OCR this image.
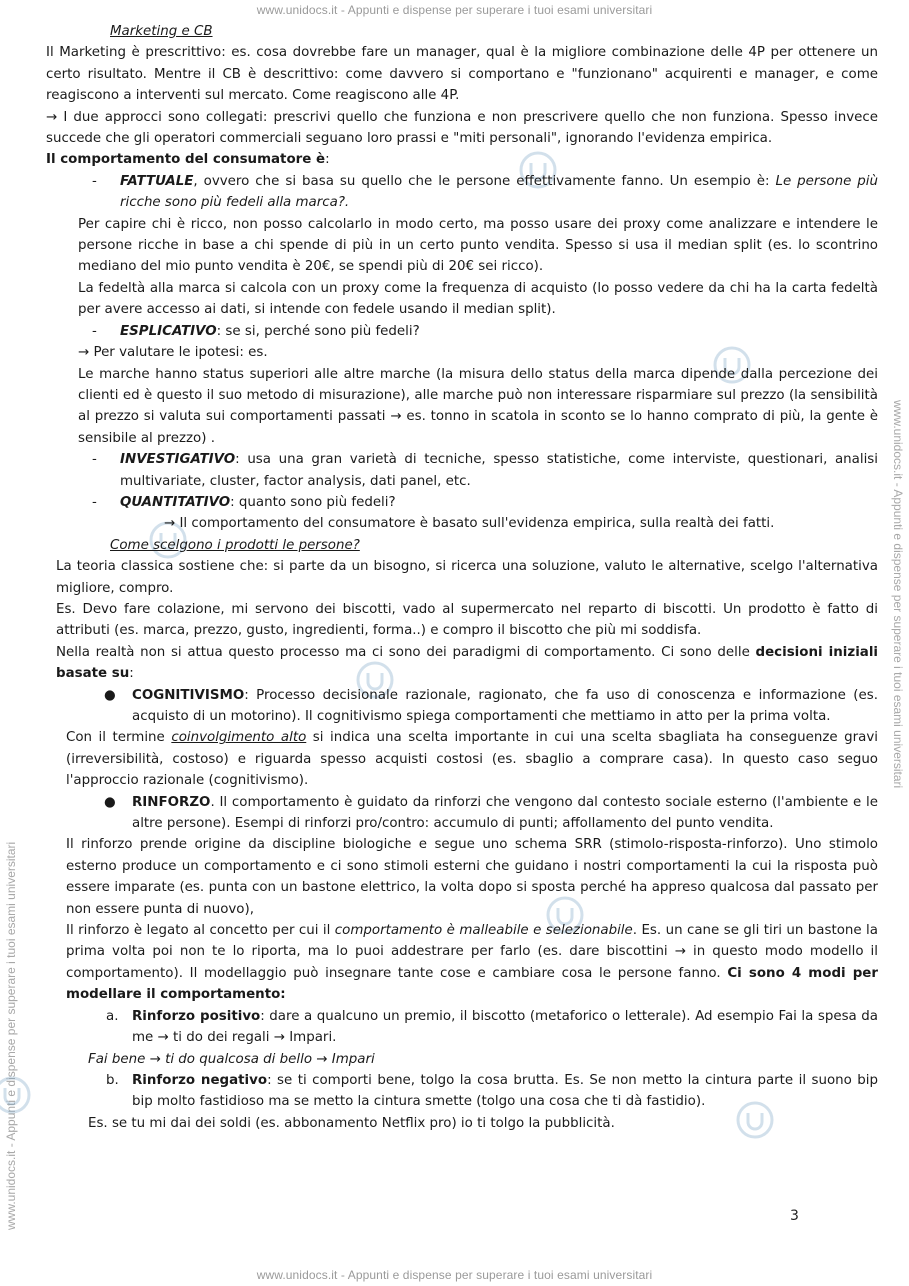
www.unidocs.it - Appunti e dispense per superare i tuoi esami universitari
www.unidocs.it - Appunti e dispense per superare i tuoi esami universitari
www.unidocs.it - Appunti e dispense per superare i tuoi esami universitari

Marketing e CB

Il Marketing è prescrittivo: es. cosa dovrebbe fare un manager, qual è la migliore combinazione delle 4P per ottenere un certo risultato. Mentre il CB è descrittivo: come davvero si comportano e "funzionano" acquirenti e manager, e come reagiscono a interventi sul mercato. Come reagiscono alle 4P.

→ I due approcci sono collegati: prescrivi quello che funziona e non prescrivere quello che non funziona. Spesso invece succede che gli operatori commerciali seguano loro prassi e "miti personali", ignorando l'evidenza empirica.

Il comportamento del consumatore è:

- FATTUALE, ovvero che si basa su quello che le persone effettivamente fanno. Un esempio è: Le persone più ricche sono più fedeli alla marca?.

Per capire chi è ricco, non posso calcolarlo in modo certo, ma posso usare dei proxy come analizzare e intendere le persone ricche in base a chi spende di più in un certo punto vendita. Spesso si usa il median split (es. lo scontrino mediano del mio punto vendita è 20€, se spendi più di 20€ sei ricco).

La fedeltà alla marca si calcola con un proxy come la frequenza di acquisto (lo posso vedere da chi ha la carta fedeltà per avere accesso ai dati, si intende con fedele usando il median split).

- ESPLICATIVO: se si, perché sono più fedeli?

→ Per valutare le ipotesi: es.

Le marche hanno status superiori alle altre marche (la misura dello status della marca dipende dalla percezione dei clienti ed è questo il suo metodo di misurazione), alle marche può non interessare risparmiare sul prezzo (la sensibilità al prezzo si valuta sui comportamenti passati → es. tonno in scatola in sconto se lo hanno comprato di più, la gente è sensibile al prezzo) .

- INVESTIGATIVO: usa una gran varietà di tecniche, spesso statistiche, come interviste, questionari, analisi multivariate, cluster, factor analysis, dati panel, etc.

- QUANTITATIVO: quanto sono più fedeli?

→ Il comportamento del consumatore è basato sull'evidenza empirica, sulla realtà dei fatti.

Come scelgono i prodotti le persone?

La teoria classica sostiene che: si parte da un bisogno, si ricerca una soluzione, valuto le alternative, scelgo l'alternativa migliore, compro.

Es. Devo fare colazione, mi servono dei biscotti, vado al supermercato nel reparto di biscotti. Un prodotto è fatto di attributi (es. marca, prezzo, gusto, ingredienti, forma..) e compro il biscotto che più mi soddisfa.

Nella realtà non si attua questo processo ma ci sono dei paradigmi di comportamento. Ci sono delle decisioni iniziali basate su:

● COGNITIVISMO: Processo decisionale razionale, ragionato, che fa uso di conoscenza e informazione (es. acquisto di un motorino). Il cognitivismo spiega comportamenti che mettiamo in atto per la prima volta.

Con il termine coinvolgimento alto si indica una scelta importante in cui una scelta sbagliata ha conseguenze gravi (irreversibilità, costoso) e riguarda spesso acquisti costosi (es. sbaglio a comprare casa). In questo caso seguo l'approccio razionale (cognitivismo).

● RINFORZO. Il comportamento è guidato da rinforzi che vengono dal contesto sociale esterno (l'ambiente e le altre persone). Esempi di rinforzi pro/contro: accumulo di punti; affollamento del punto vendita.

Il rinforzo prende origine da discipline biologiche e segue uno schema SRR (stimolo-risposta-rinforzo). Uno stimolo esterno produce un comportamento e ci sono stimoli esterni che guidano i nostri comportamenti la cui la risposta può essere imparate (es. punta con un bastone elettrico, la volta dopo si sposta perché ha appreso qualcosa dal passato per non essere punta di nuovo),

Il rinforzo è legato al concetto per cui il comportamento è malleabile e selezionabile. Es. un cane se gli tiri un bastone la prima volta poi non te lo riporta, ma lo puoi addestrare per farlo (es. dare biscottini → in questo modo modello il comportamento). Il modellaggio può insegnare tante cose e cambiare cosa le persone fanno. Ci sono 4 modi per modellare il comportamento:

a. Rinforzo positivo: dare a qualcuno un premio, il biscotto (metaforico o letterale). Ad esempio Fai la spesa da me → ti do dei regali → Impari.

Fai bene → ti do qualcosa di bello → Impari

b. Rinforzo negativo: se ti comporti bene, tolgo la cosa brutta. Es. Se non metto la cintura parte il suono bip bip molto fastidioso ma se metto la cintura smette (tolgo una cosa che ti dà fastidio).

Es. se tu mi dai dei soldi (es. abbonamento Netflix pro) io ti tolgo la pubblicità.

3
www.unidocs.it - Appunti e dispense per superare i tuoi esami universitari
